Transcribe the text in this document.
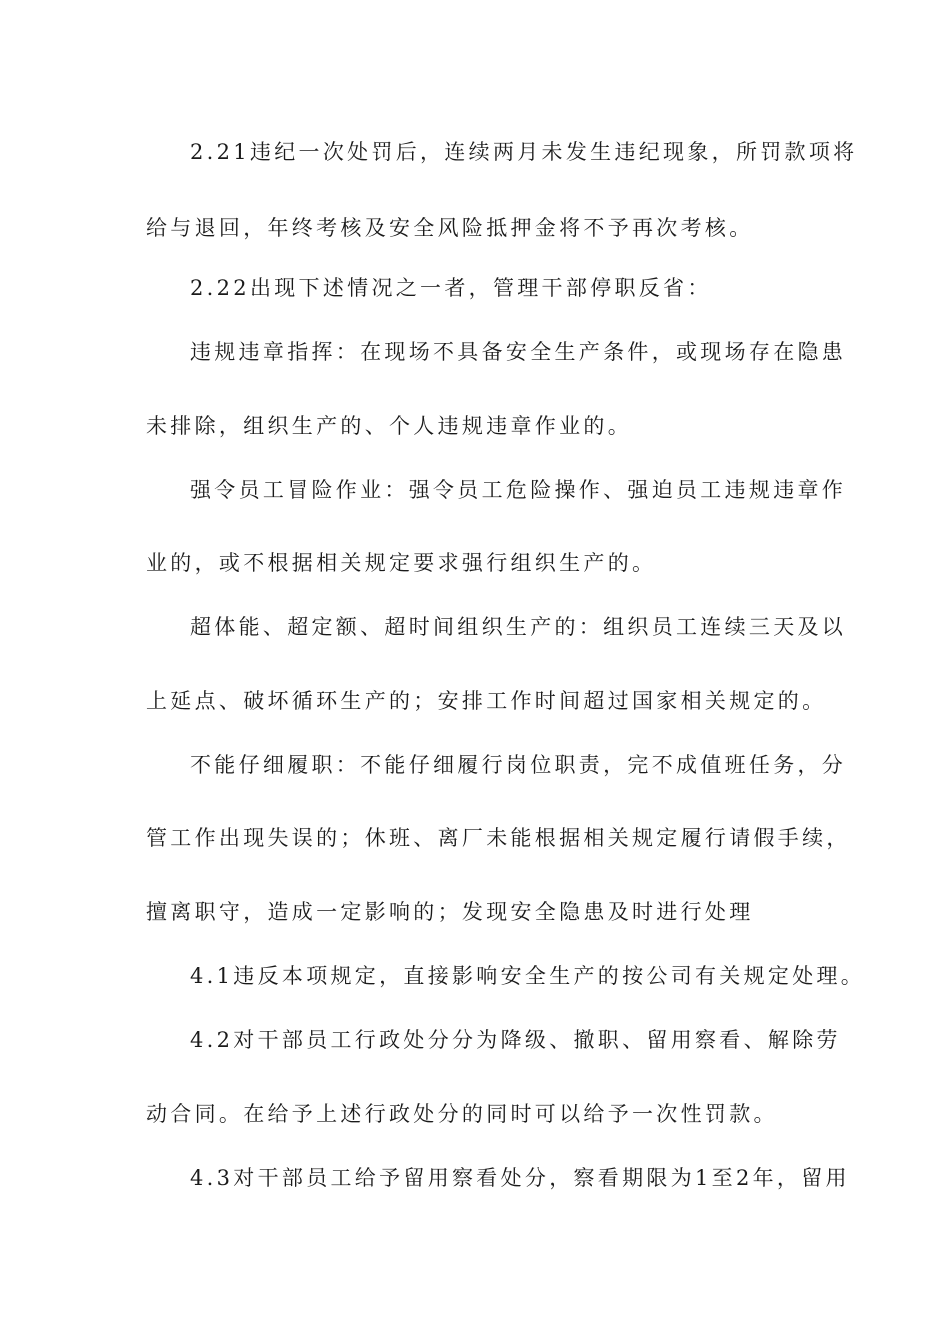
2.21违纪一次处罚后，连续两月未发生违纪现象，所罚款项将
给与退回，年终考核及安全风险抵押金将不予再次考核。
2.22出现下述情况之一者，管理干部停职反省：
违规违章指挥：在现场不具备安全生产条件，或现场存在隐患
未排除，组织生产的、个人违规违章作业的。
强令员工冒险作业：强令员工危险操作、强迫员工违规违章作
业的，或不根据相关规定要求强行组织生产的。
超体能、超定额、超时间组织生产的：组织员工连续三天及以
上延点、破坏循环生产的；安排工作时间超过国家相关规定的。
不能仔细履职：不能仔细履行岗位职责，完不成值班任务，分
管工作出现失误的；休班、离厂未能根据相关规定履行请假手续，
擅离职守，造成一定影响的；发现安全隐患及时进行处理
4.1违反本项规定，直接影响安全生产的按公司有关规定处理。
4.2对干部员工行政处分分为降级、撤职、留用察看、解除劳
动合同。在给予上述行政处分的同时可以给予一次性罚款。
4.3对干部员工给予留用察看处分，察看期限为1至2年，留用
